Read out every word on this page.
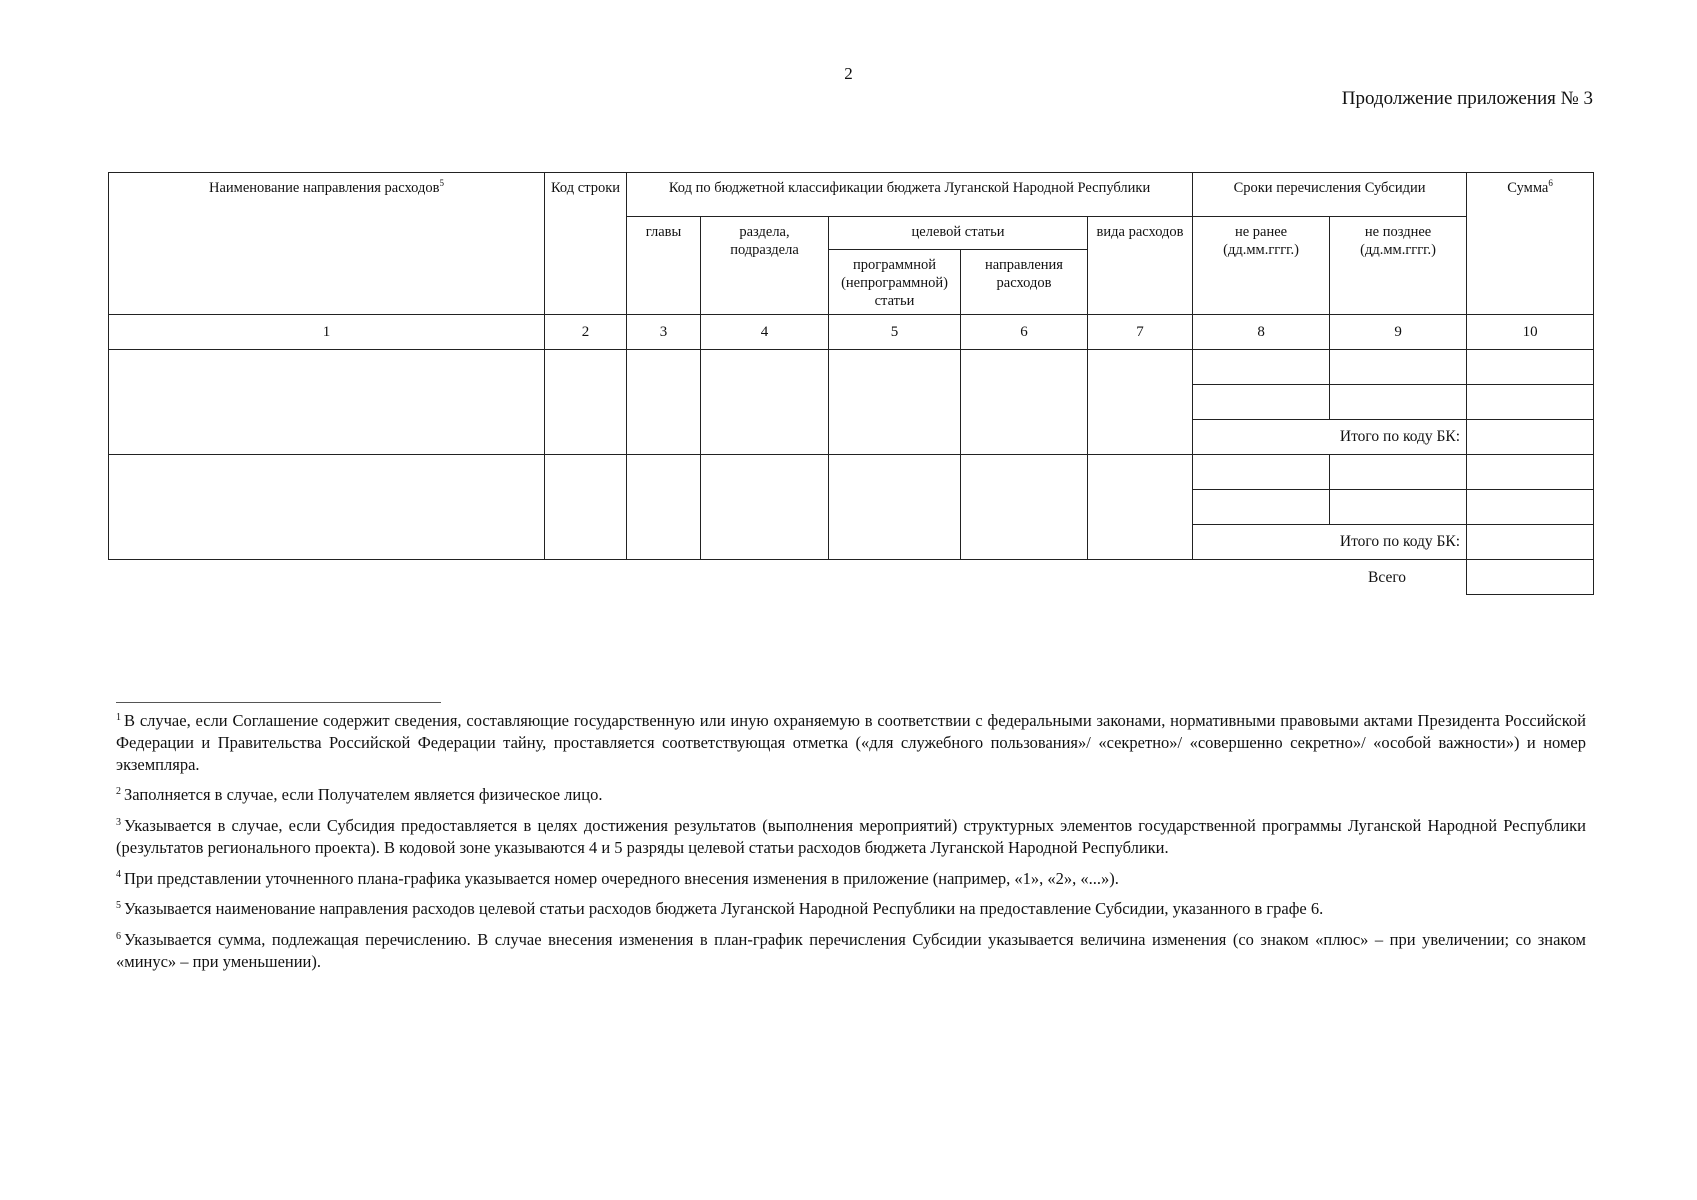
2
Продолжение приложения № 3
Наименование направления расходов$^5$	Код строки	Код по бюджетной классификации бюджета Луганской Народной Республики					Сроки перечисления Субсидии		Сумма$^6$
		главы	раздела, подраздела	целевой статьи		вида расходов	не ранее (дд.мм.гггг.)	не позднее (дд.мм.гггг.)	
				программной (непрограммной) статьи	направления расходов				
1	2	3	4	5	6	7	8	9	10

							Итого по коду БК:		

							Итого по коду БК:		
							Всего		

$^1$ В случае, если Соглашение содержит сведения, составляющие государственную или иную охраняемую в соответствии с федеральными законами, нормативными правовыми актами Президента Российской Федерации и Правительства Российской Федерации тайну, проставляется соответствующая отметка («для служебного пользования»/ «секретно»/ «совершенно секретно»/ «особой важности») и номер экземпляра.

$^2$ Заполняется в случае, если Получателем является физическое лицо.

$^3$ Указывается в случае, если Субсидия предоставляется в целях достижения результатов (выполнения мероприятий) структурных элементов государственной программы Луганской Народной Республики (результатов регионального проекта). В кодовой зоне указываются 4 и 5 разряды целевой статьи расходов бюджета Луганской Народной Республики.

$^4$ При представлении уточненного плана-графика указывается номер очередного внесения изменения в приложение (например, «1», «2», «...»).

$^5$ Указывается наименование направления расходов целевой статьи расходов бюджета Луганской Народной Республики на предоставление Субсидии, указанного в графе 6.

$^6$ Указывается сумма, подлежащая перечислению. В случае внесения изменения в план-график перечисления Субсидии указывается величина изменения (со знаком «плюс» – при увеличении; со знаком «минус» – при уменьшении).
